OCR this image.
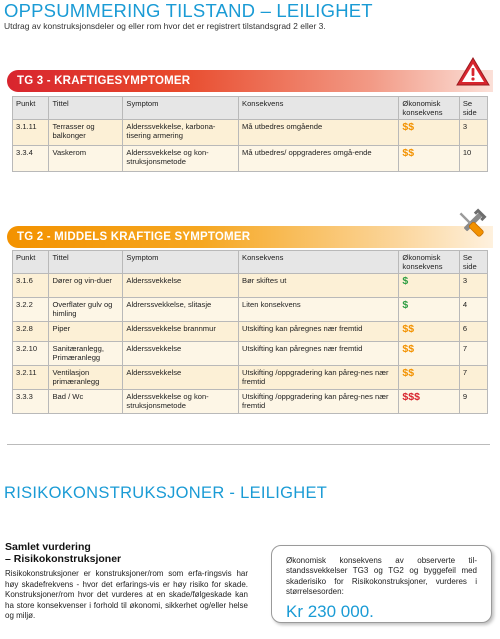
OPPSUMMERING TILSTAND – LEILIGHET
Utdrag av konstruksjonsdeler og eller rom hvor det er registrert tilstandsgrad 2 eller 3.
TG 3 - KRAFTIGESYMPTOMER
Punkt	Tittel	Symptom	Konsekvens	Økonomisk konsekvens	Se side
3.1.11	Terrasser og balkonger	Alderssvekkelse, karbona-tisering armering	Må utbedres omgående	$$	3
3.3.4	Vaskerom	Alderssvekkelse og kon-struksjonsmetode	Må utbedres/ oppgraderes omgå-ende	$$	10
TG 2 - MIDDELS KRAFTIGE SYMPTOMER
Punkt	Tittel	Symptom	Konsekvens	Økonomisk konsekvens	Se side
3.1.6	Dører og vin-duer	Alderssvekkelse	Bør skiftes ut	$	3
3.2.2	Overflater gulv og himling	Aldrerssvekkelse, slitasje	Liten konsekvens	$	4
3.2.8	Piper	Alderssvekkelse brannmur	Utskifting kan påregnes nær fremtid	$$	6
3.2.10	Sanitæranlegg, Primæranlegg	Alderssvekkelse	Utskifting kan påregnes nær fremtid	$$	7
3.2.11	Ventilasjon primæranlegg	Alderssvekkelse	Utskifting /oppgradering kan påreg-nes nær fremtid	$$	7
3.3.3	Bad / Wc	Alderssvekkelse og kon-struksjonsmetode	Utskifting /oppgradering kan påreg-nes nær fremtid	$$$	9
RISIKOKONSTRUKSJONER - LEILIGHET
Samlet vurdering
– Risikokonstruksjoner
Risikokonstruksjoner er konstruksjoner/rom som erfa-ringsvis har høy skadefrekvens - hvor det erfarings-vis er høy risiko for skade. Konstruksjoner/rom hvor det vurderes at en skade/følgeskade kan ha store konsekvenser i forhold til økonomi, sikkerhet og/eller helse og miljø.
Økonomisk konsekvens av observerte til-standssvekkelser TG3 og TG2 og byggefeil med skaderisiko for Risikokonstruksjoner, vurderes i størrelsesorden:
Kr 230 000.
